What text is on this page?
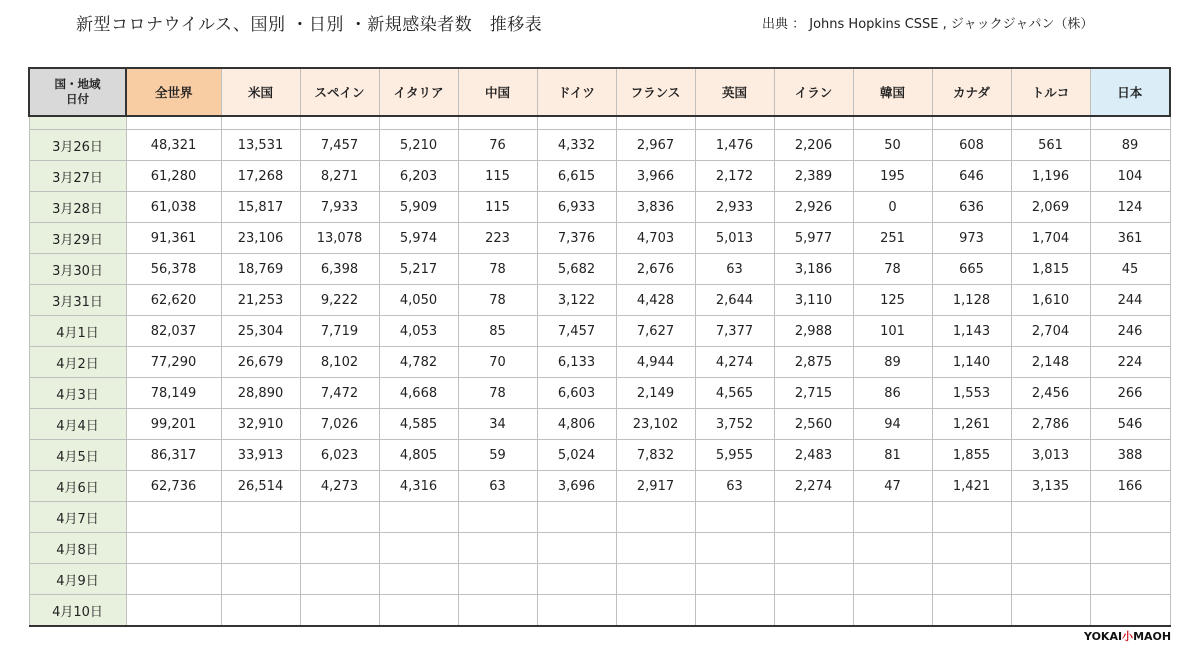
新型コロナウイルス、国別 ・日別 ・新規感染者数　推移表	出典 ： Johns Hopkins CSSE , ジャックジャパン（株）
国・地域
日付	全世界	米国	スペイン	イタリア	中国	ドイツ	フランス	英国	イラン	韓国	カナダ	トルコ	日本

3月26日	48,321	13,531	7,457	5,210	76	4,332	2,967	1,476	2,206	50	608	561	89
3月27日	61,280	17,268	8,271	6,203	115	6,615	3,966	2,172	2,389	195	646	1,196	104
3月28日	61,038	15,817	7,933	5,909	115	6,933	3,836	2,933	2,926	0	636	2,069	124
3月29日	91,361	23,106	13,078	5,974	223	7,376	4,703	5,013	5,977	251	973	1,704	361
3月30日	56,378	18,769	6,398	5,217	78	5,682	2,676	63	3,186	78	665	1,815	45
3月31日	62,620	21,253	9,222	4,050	78	3,122	4,428	2,644	3,110	125	1,128	1,610	244
4月1日	82,037	25,304	7,719	4,053	85	7,457	7,627	7,377	2,988	101	1,143	2,704	246
4月2日	77,290	26,679	8,102	4,782	70	6,133	4,944	4,274	2,875	89	1,140	2,148	224
4月3日	78,149	28,890	7,472	4,668	78	6,603	2,149	4,565	2,715	86	1,553	2,456	266
4月4日	99,201	32,910	7,026	4,585	34	4,806	23,102	3,752	2,560	94	1,261	2,786	546
4月5日	86,317	33,913	6,023	4,805	59	5,024	7,832	5,955	2,483	81	1,855	3,013	388
4月6日	62,736	26,514	4,273	4,316	63	3,696	2,917	63	2,274	47	1,421	3,135	166
4月7日													
4月8日													
4月9日													
4月10日													
YOKAI小MAOH
